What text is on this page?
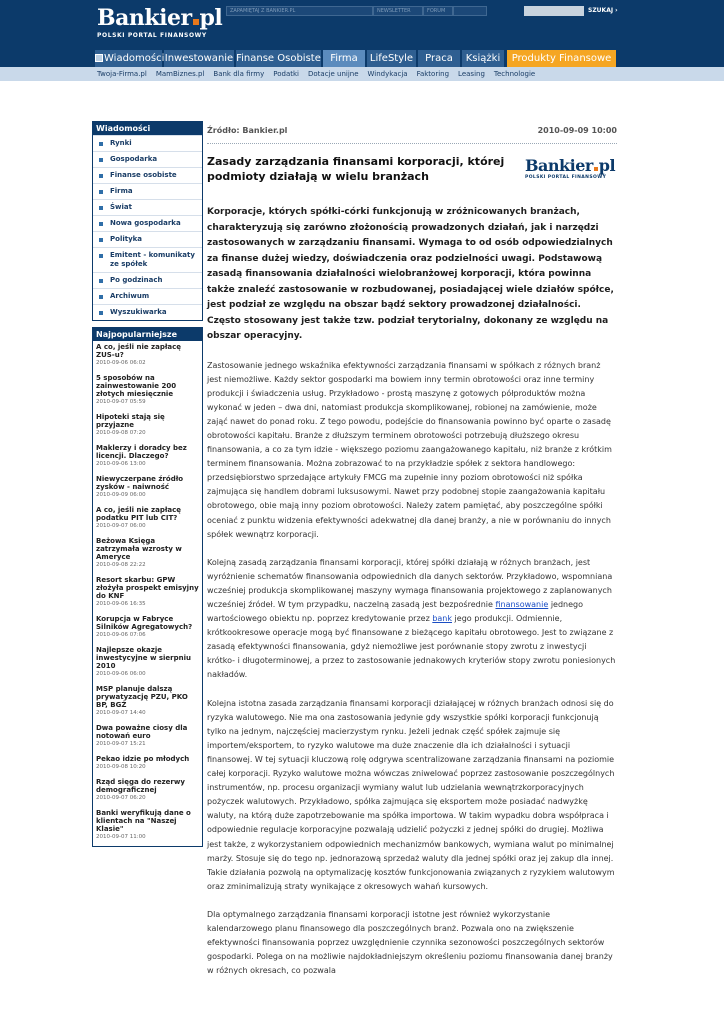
Bankier pl
POLSKI PORTAL FINANSOWY
ZAPAMIĘTAJ Z BANKIER.PL	NEWSLETTER	FORUM	SZUKAJ ›
Wiadomości Inwestowanie Finanse Osobiste Firma	LifeStyle	Praca	Książki	Produkty Finansowe
Twoja-Firma.pl MamBiznes.pl Bank dla firmy Podatki Dotacje unijne Windykacja Faktoring Leasing Technologie
Wiadomości
Rynki
Gospodarka
Finanse osobiste
Firma
Świat
Nowa gospodarka
Polityka
Emitent - komunikaty ze spółek
Po godzinach
Archiwum
Wyszukiwarka
Najpopularniejsze
A co, jeśli nie zapłacę ZUS-u?
2010-09-06 06:02
5 sposobów na zainwestowanie 200 złotych miesięcznie
2010-09-07 05:59
Hipoteki stają się przyjazne
2010-09-08 07:20
Maklerzy i doradcy bez licencji. Dlaczego?
2010-09-06 13:00
Niewyczerpane źródło zysków - naiwność
2010-09-09 06:00
A co, jeśli nie zapłacę podatku PIT lub CIT?
2010-09-07 06:00
Beżowa Księga zatrzymała wzrosty w Ameryce
2010-09-08 22:22
Resort skarbu: GPW złożyła prospekt emisyjny do KNF
2010-09-06 16:35
Korupcja w Fabryce Silników Agregatowych?
2010-09-06 07:06
Najlepsze okazje inwestycyjne w sierpniu 2010
2010-09-06 06:00
MSP planuje dalszą prywatyzację PZU, PKO BP, BGŻ
2010-09-07 14:40
Dwa poważne ciosy dla notowań euro
2010-09-07 15:21
Pekao idzie po młodych
2010-09-08 10:20
Rząd sięga do rezerwy demograficznej
2010-09-07 06:20
Banki weryfikują dane o klientach na "Naszej Klasie"
2010-09-07 11:00
Źródło: Bankier.pl	2010-09-09 10:00
Zasady zarządzania finansami korporacji, której podmioty działają w wielu branżach
Bankier pl
POLSKI PORTAL FINANSOWY

Korporacje, których spółki-córki funkcjonują w zróżnicowanych branżach, charakteryzują się zarówno złożonością prowadzonych działań, jak i narzędzi zastosowanych w zarządzaniu finansami. Wymaga to od osób odpowiedzialnych za finanse dużej wiedzy, doświadczenia oraz podzielności uwagi. Podstawową zasadą finansowania działalności wielobranżowej korporacji, która powinna także znaleźć zastosowanie w rozbudowanej, posiadającej wiele działów spółce, jest podział ze względu na obszar bądź sektory prowadzonej działalności. Często stosowany jest także tzw. podział terytorialny, dokonany ze względu na obszar operacyjny.

Zastosowanie jednego wskaźnika efektywności zarządzania finansami w spółkach z różnych branż jest niemożliwe. Każdy sektor gospodarki ma bowiem inny termin obrotowości oraz inne terminy produkcji i świadczenia usług. Przykładowo - prostą maszynę z gotowych półproduktów można wykonać w jeden – dwa dni, natomiast produkcja skomplikowanej, robionej na zamówienie, może zająć nawet do ponad roku. Z tego powodu, podejście do finansowania powinno być oparte o zasadę obrotowości kapitału. Branże z dłuższym terminem obrotowości potrzebują dłuższego okresu finansowania, a co za tym idzie - większego poziomu zaangażowanego kapitału, niż branże z krótkim terminem finansowania. Można zobrazować to na przykładzie spółek z sektora handlowego: przedsiębiorstwo sprzedające artykuły FMCG ma zupełnie inny poziom obrotowości niż spółka zajmująca się handlem dobrami luksusowymi. Nawet przy podobnej stopie zaangażowania kapitału obrotowego, obie mają inny poziom obrotowości. Należy zatem pamiętać, aby poszczególne spółki oceniać z punktu widzenia efektywności adekwatnej dla danej branży, a nie w porównaniu do innych spółek wewnątrz korporacji.

Kolejną zasadą zarządzania finansami korporacji, której spółki działają w różnych branżach, jest wyróżnienie schematów finansowania odpowiednich dla danych sektorów. Przykładowo, wspomniana wcześniej produkcja skomplikowanej maszyny wymaga finansowania projektowego z zaplanowanych wcześniej źródeł. W tym przypadku, naczelną zasadą jest bezpośrednie finansowanie jednego wartościowego obiektu np. poprzez kredytowanie przez bank jego produkcji. Odmiennie, krótkookresowe operacje mogą być finansowane z bieżącego kapitału obrotowego. Jest to związane z zasadą efektywności finansowania, gdyż niemożliwe jest porównanie stopy zwrotu z inwestycji krótko- i długoterminowej, a przez to zastosowanie jednakowych kryteriów stopy zwrotu poniesionych nakładów.

Kolejna istotna zasada zarządzania finansami korporacji działającej w różnych branżach odnosi się do ryzyka walutowego. Nie ma ona zastosowania jedynie gdy wszystkie spółki korporacji funkcjonują tylko na jednym, najczęściej macierzystym rynku. Jeżeli jednak część spółek zajmuje się importem/eksportem, to ryzyko walutowe ma duże znaczenie dla ich działalności i sytuacji finansowej. W tej sytuacji kluczową rolę odgrywa scentralizowane zarządzania finansami na poziomie całej korporacji. Ryzyko walutowe można wówczas zniwelować poprzez zastosowanie poszczególnych instrumentów, np. procesu organizacji wymiany walut lub udzielania wewnątrzkorporacyjnych pożyczek walutowych. Przykładowo, spółka zajmująca się eksportem może posiadać nadwyżkę waluty, na którą duże zapotrzebowanie ma spółka importowa. W takim wypadku dobra współpraca i odpowiednie regulacje korporacyjne pozwalają udzielić pożyczki z jednej spółki do drugiej. Możliwa jest także, z wykorzystaniem odpowiednich mechanizmów bankowych, wymiana walut po minimalnej marży. Stosuje się do tego np. jednorazową sprzedaż waluty dla jednej spółki oraz jej zakup dla innej. Takie działania pozwolą na optymalizację kosztów funkcjonowania związanych z ryzykiem walutowym oraz zminimalizują straty wynikające z okresowych wahań kursowych.

Dla optymalnego zarządzania finansami korporacji istotne jest również wykorzystanie kalendarzowego planu finansowego dla poszczególnych branż. Pozwala ono na zwiększenie efektywności finansowania poprzez uwzględnienie czynnika sezonowości poszczególnych sektorów gospodarki. Polega on na możliwie najdokładniejszym określeniu poziomu finansowania danej branży w różnych okresach, co pozwala
